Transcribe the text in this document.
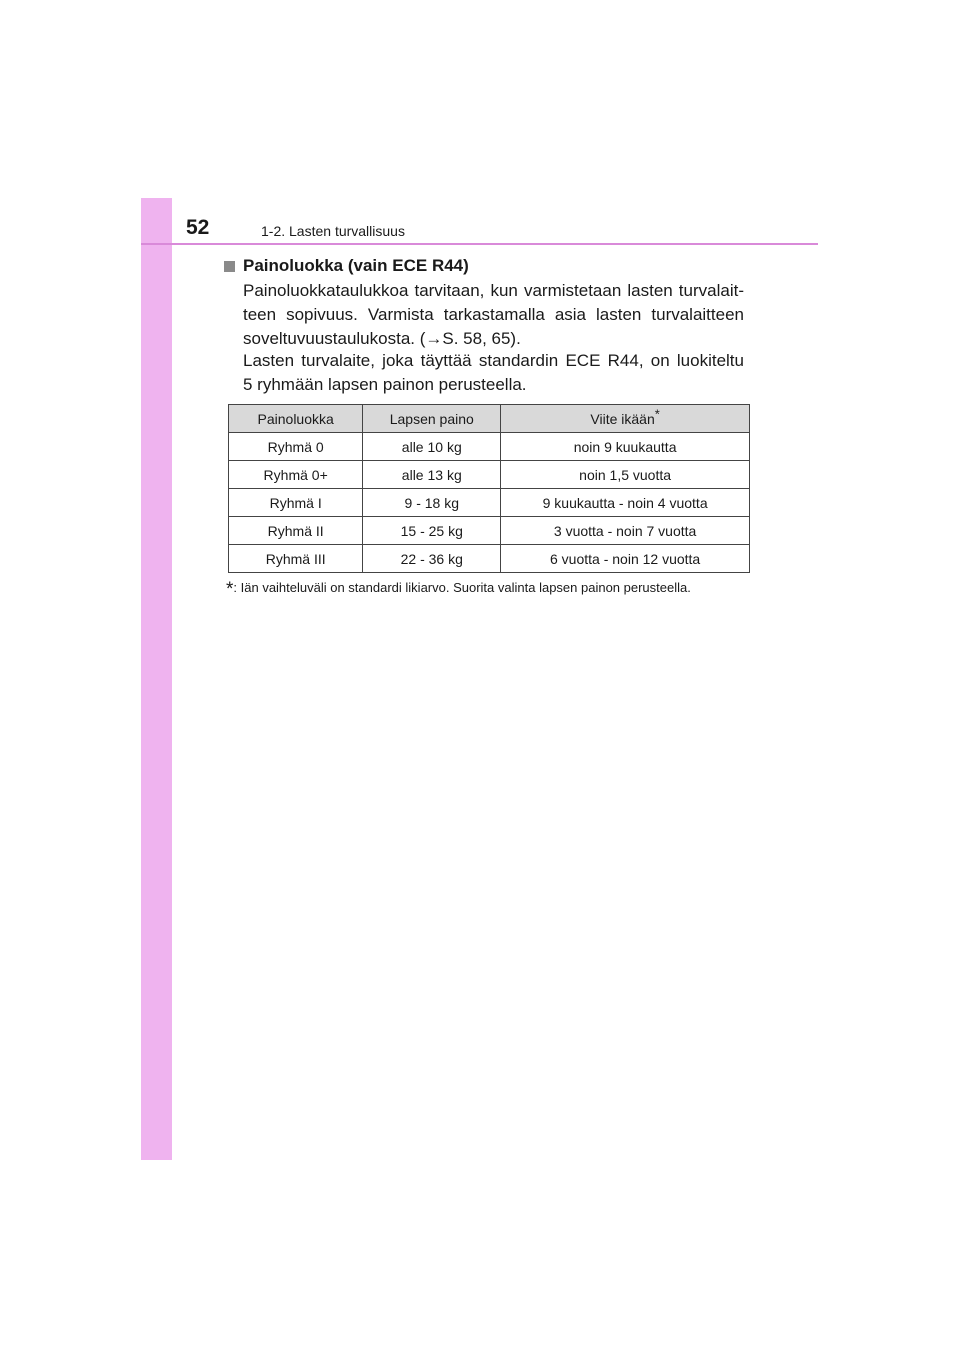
52	1-2. Lasten turvallisuus
Painoluokka (vain ECE R44)
Painoluokkataulukkoa tarvitaan, kun varmistetaan lasten turvalait-
teen sopivuus. Varmista tarkastamalla asia lasten turvalaitteen
soveltuvuustaulukosta. (→S. 58, 65).
Lasten turvalaite, joka täyttää standardin ECE R44, on luokiteltu
5 ryhmään lapsen painon perusteella.
Painoluokka	Lapsen paino	Viite ikään*
Ryhmä 0	alle 10 kg	noin 9 kuukautta
Ryhmä 0+	alle 13 kg	noin 1,5 vuotta
Ryhmä I	9 - 18 kg	9 kuukautta - noin 4 vuotta
Ryhmä II	15 - 25 kg	3 vuotta - noin 7 vuotta
Ryhmä III	22 - 36 kg	6 vuotta - noin 12 vuotta
*: Iän vaihteluväli on standardi likiarvo. Suorita valinta lapsen painon perusteella.
